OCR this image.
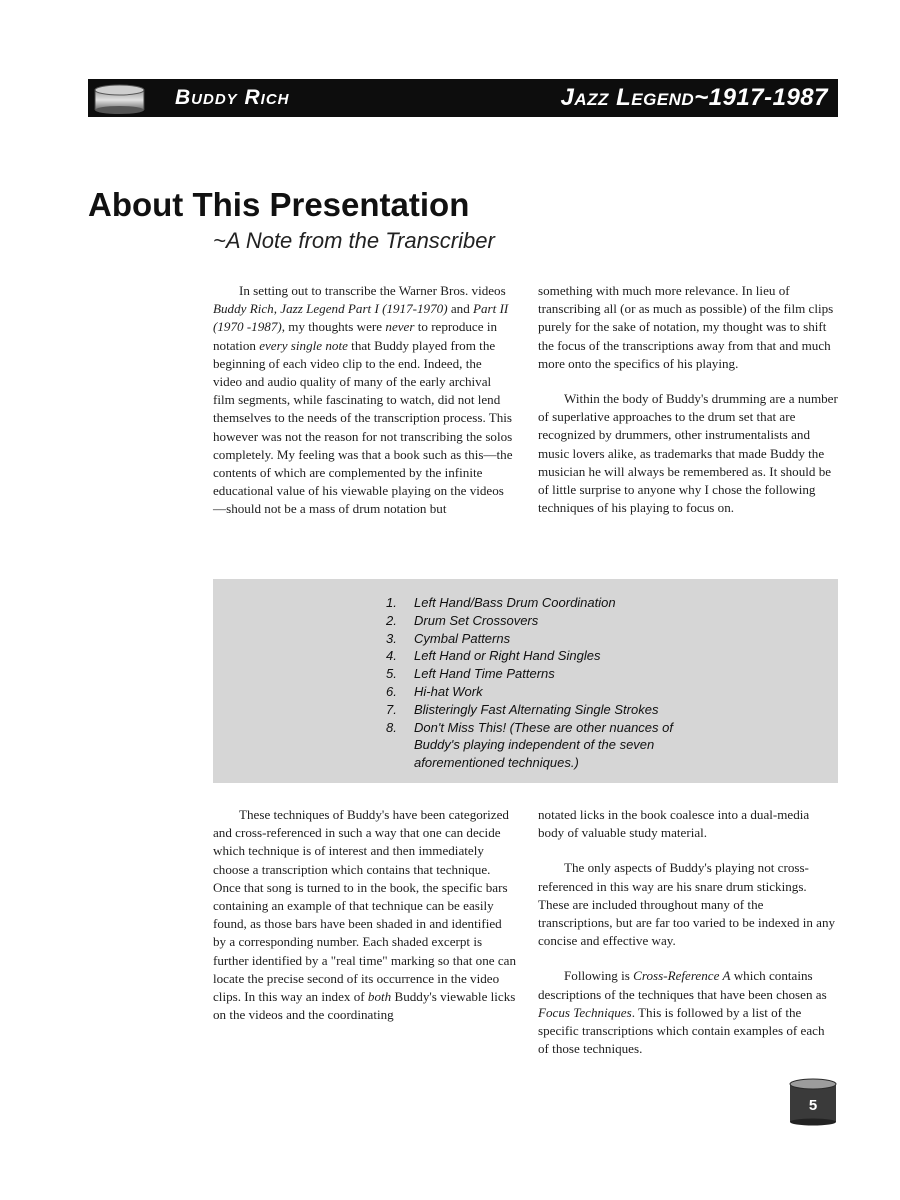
Buddy Rich	Jazz Legend~1917-1987
About This Presentation
~A Note from the Transcriber

In setting out to transcribe the Warner Bros. videos Buddy Rich, Jazz Legend Part I (1917-1970) and Part II (1970 -1987), my thoughts were never to reproduce in notation every single note that Buddy played from the beginning of each video clip to the end. Indeed, the video and audio quality of many of the early archival film segments, while fascinating to watch, did not lend themselves to the needs of the transcription process. This however was not the reason for not transcribing the solos completely. My feeling was that a book such as this—the contents of which are complemented by the infinite educational value of his viewable playing on the videos—should not be a mass of drum notation but

something with much more relevance. In lieu of transcribing all (or as much as possible) of the film clips purely for the sake of notation, my thought was to shift the focus of the transcriptions away from that and much more onto the specifics of his playing.

Within the body of Buddy's drumming are a number of superlative approaches to the drum set that are recognized by drummers, other instrumentalists and music lovers alike, as trademarks that made Buddy the musician he will always be remembered as. It should be of little surprise to anyone why I chose the following techniques of his playing to focus on.

1.	Left Hand/Bass Drum Coordination
2.	Drum Set Crossovers
3.	Cymbal Patterns
4.	Left Hand or Right Hand Singles
5.	Left Hand Time Patterns
6.	Hi-hat Work
7.	Blisteringly Fast Alternating Single Strokes
8.	Don't Miss This! (These are other nuances of Buddy's playing independent of the seven aforementioned techniques.)

These techniques of Buddy's have been categorized and cross-referenced in such a way that one can decide which technique is of interest and then immediately choose a transcription which contains that technique. Once that song is turned to in the book, the specific bars containing an example of that technique can be easily found, as those bars have been shaded in and identified by a corresponding number. Each shaded excerpt is further identified by a "real time" marking so that one can locate the precise second of its occurrence in the video clips. In this way an index of both Buddy's viewable licks on the videos and the coordinating

notated licks in the book coalesce into a dual-media body of valuable study material.

The only aspects of Buddy's playing not cross-referenced in this way are his snare drum stickings. These are included throughout many of the transcriptions, but are far too varied to be indexed in any concise and effective way.

Following is Cross-Reference A which contains descriptions of the techniques that have been chosen as Focus Techniques. This is followed by a list of the specific transcriptions which contain examples of each of those techniques.

5
